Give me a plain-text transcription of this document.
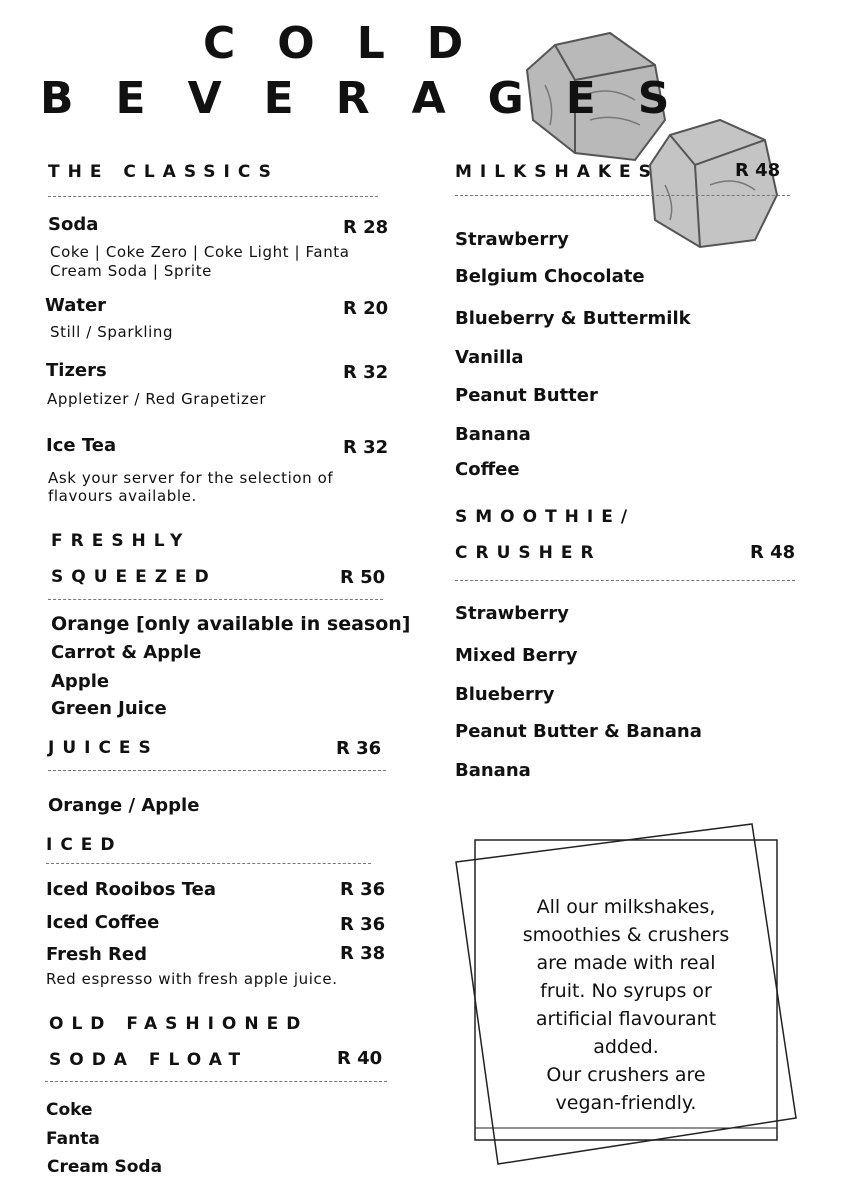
COLD
BEVERAGES
THE CLASSICS
Soda	R 28
Coke | Coke Zero | Coke Light | Fanta
Cream Soda | Sprite
Water	R 20
Still / Sparkling
Tizers	R 32
Appletizer / Red Grapetizer
Ice Tea	R 32
Ask your server for the selection of
flavours available.
FRESHLY
SQUEEZED	R 50
Orange [only available in season]
Carrot & Apple
Apple
Green Juice
JUICES	R 36
Orange / Apple
ICED
Iced Rooibos Tea	R 36
Iced Coffee	R 36
Fresh Red	R 38
Red espresso with fresh apple juice.
OLD FASHIONED
SODA FLOAT	R 40
Coke
Fanta
Cream Soda
MILKSHAKES	R 48
Strawberry
Belgium Chocolate
Blueberry & Buttermilk
Vanilla
Peanut Butter
Banana
Coffee
SMOOTHIE/
CRUSHER	R 48
Strawberry
Mixed Berry
Blueberry
Peanut Butter & Banana
Banana
All our milkshakes,
smoothies & crushers
are made with real
fruit. No syrups or
artificial flavourant
added.
Our crushers are
vegan-friendly.
